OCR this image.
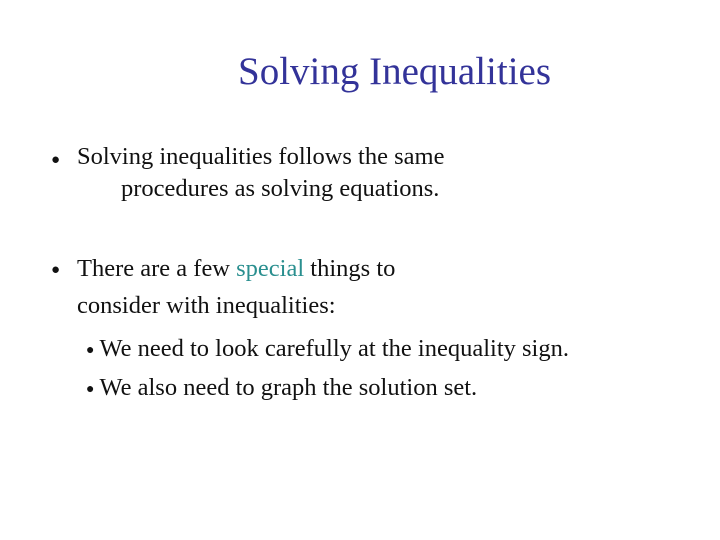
Solving Inequalities
● Solving inequalities follows the same
procedures as solving equations.
● There are a few special things to
consider with inequalities:
● We need to look carefully at the inequality sign.
● We also need to graph the solution set.
